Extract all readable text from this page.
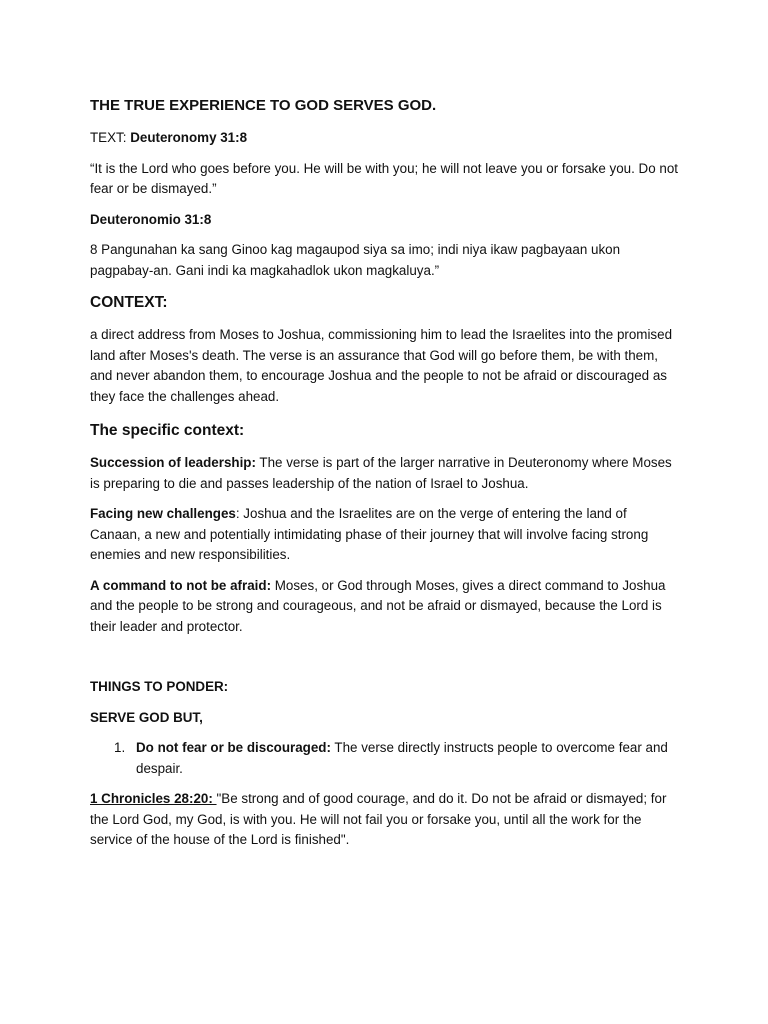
THE TRUE EXPERIENCE TO GOD SERVES GOD.

TEXT: Deuteronomy 31:8

“It is the Lord who goes before you. He will be with you; he will not leave you or forsake you. Do not fear or be dismayed.”

Deuteronomio 31:8

8 Pangunahan ka sang Ginoo kag magaupod siya sa imo; indi niya ikaw pagbayaan ukon pagpabay-an. Gani indi ka magkahadlok ukon magkaluya.”

CONTEXT:

a direct address from Moses to Joshua, commissioning him to lead the Israelites into the promised land after Moses's death. The verse is an assurance that God will go before them, be with them, and never abandon them, to encourage Joshua and the people to not be afraid or discouraged as they face the challenges ahead.

The specific context:

Succession of leadership: The verse is part of the larger narrative in Deuteronomy where Moses is preparing to die and passes leadership of the nation of Israel to Joshua.

Facing new challenges: Joshua and the Israelites are on the verge of entering the land of Canaan, a new and potentially intimidating phase of their journey that will involve facing strong enemies and new responsibilities.

A command to not be afraid: Moses, or God through Moses, gives a direct command to Joshua and the people to be strong and courageous, and not be afraid or dismayed, because the Lord is their leader and protector.

THINGS TO PONDER:

SERVE GOD BUT,

1. Do not fear or be discouraged: The verse directly instructs people to overcome fear and despair.

1 Chronicles 28:20: "Be strong and of good courage, and do it. Do not be afraid or dismayed; for the Lord God, my God, is with you. He will not fail you or forsake you, until all the work for the service of the house of the Lord is finished".
